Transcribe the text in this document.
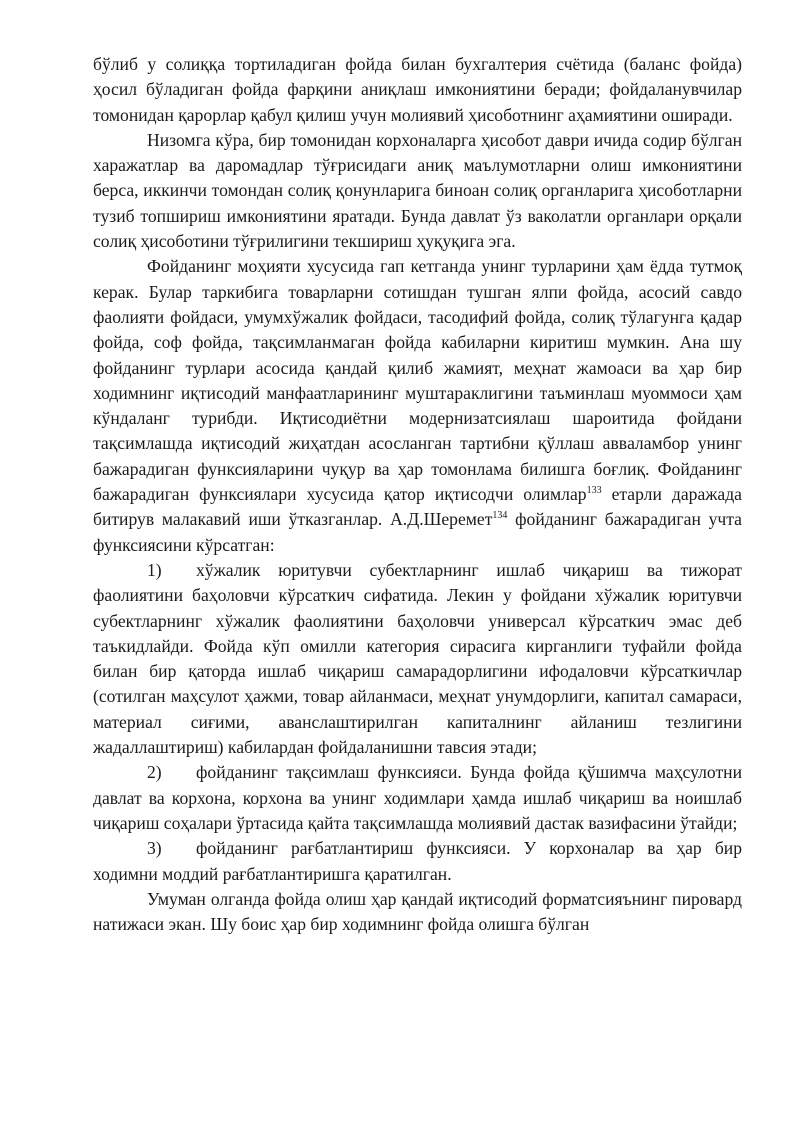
бўлиб у солиққа тортиладиган фойда билан бухгалтерия счётида (баланс фойда) ҳосил бўладиган фойда фарқини аниқлаш имкониятини беради; фойдаланувчилар томонидан қарорлар қабул қилиш учун молиявий ҳисоботнинг аҳамиятини оширади.

Низомга кўра, бир томонидан корхоналарга ҳисобот даври ичида содир бўлган харажатлар ва даромадлар тўғрисидаги аниқ маълумотларни олиш имкониятини берса, иккинчи томондан солиқ қонунларига биноан солиқ органларига ҳисоботларни тузиб топшириш имкониятини яратади. Бунда давлат ўз ваколатли органлари орқали солиқ ҳисоботини тўғрилигини текшириш ҳуқуқига эга.

Фойданинг моҳияти хусусида гап кетганда унинг турларини ҳам ёдда тутмоқ керак. Булар таркибига товарларни сотишдан тушган ялпи фойда, асосий савдо фаолияти фойдаси, умумхўжалик фойдаси, тасодифий фойда, солиқ тўлагунга қадар фойда, соф фойда, тақсимланмаган фойда кабиларни киритиш мумкин. Ана шу фойданинг турлари асосида қандай қилиб жамият, меҳнат жамоаси ва ҳар бир ходимнинг иқтисодий манфаатларининг муштараклигини таъминлаш муоммоси ҳам кўндаланг турибди. Иқтисодиётни модернизатсиялаш шароитида фойдани тақсимлашда иқтисодий жиҳатдан асосланган тартибни қўллаш аввaламбор унинг бажарадиган функсияларини чуқур ва ҳар томонлама билишга боғлиқ. Фойданинг бажарадиган функсиялари хусусида қатор иқтисодчи олимлар$^{133}$ етарли даражада битирув малакавий иши ўтказганлар. А.Д.Шеремет$^{134}$ фойданинг бажарадиган учта функсиясини кўрсатган:

1) хўжалик юритувчи субектларнинг ишлаб чиқариш ва тижорат фаолиятини баҳоловчи кўрсаткич сифатида. Лекин у фойдани хўжалик юритувчи субектларнинг хўжалик фаолиятини баҳоловчи универсал кўрсаткич эмас деб таъкидлайди. Фойда кўп омилли категория сирасига кирганлиги туфайли фойда билан бир қаторда ишлаб чиқариш самарадорлигини ифодаловчи кўрсаткичлар (сотилган маҳсулот ҳажми, товар айланмаси, меҳнат унумдорлиги, капитал самараси, материал сиғими, аванслаштирилган капиталнинг айланиш тезлигини жадаллаштириш) кабилардан фойдаланишни тавсия этади;

2) фойданинг тақсимлаш функсияси. Бунда фойда қўшимча маҳсулотни давлат ва корхона, корхона ва унинг ходимлари ҳамда ишлаб чиқариш ва ноишлаб чиқариш соҳалари ўртасида қайта тақсимлашда молиявий дастак вазифасини ўтайди;

3) фойданинг рағбатлантириш функсияси. У корхоналар ва ҳар бир ходимни моддий рағбатлантиришга қаратилган.

Умуман олганда фойда олиш ҳар қандай иқтисодий форматсияънинг пировард натижаси экан. Шу боис ҳар бир ходимнинг фойда олишга бўлган
